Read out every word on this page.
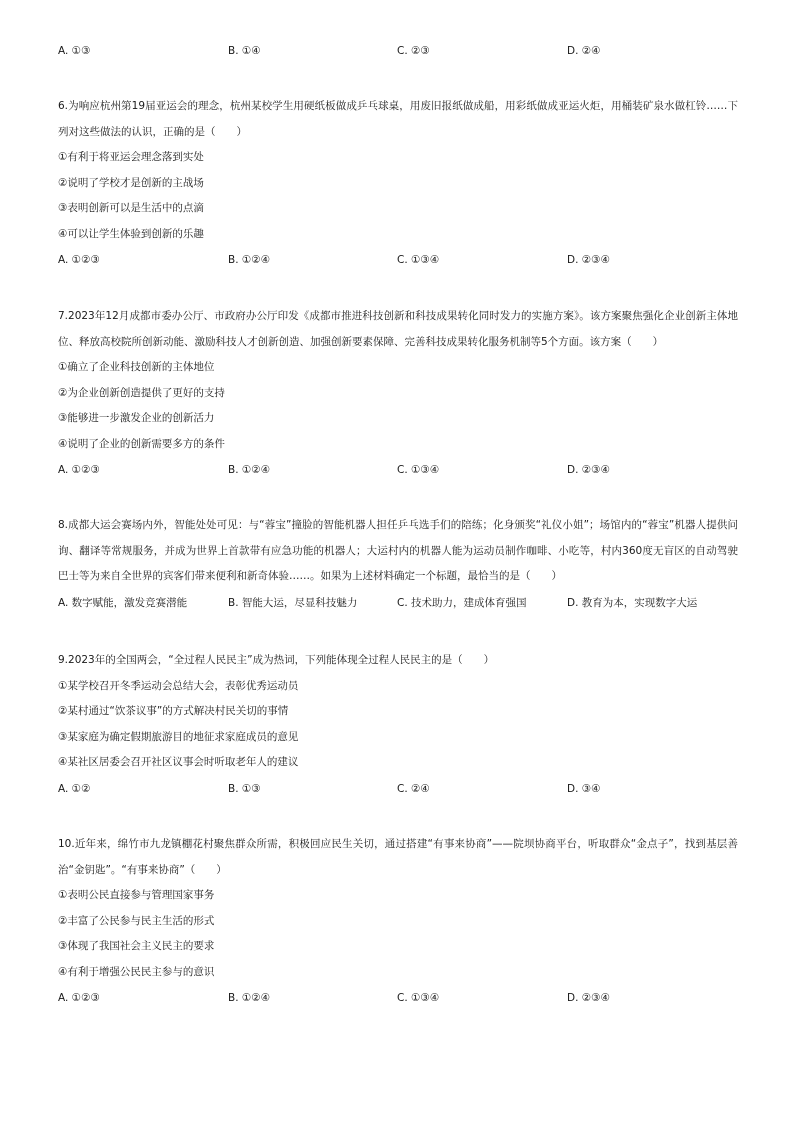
A. ①③	B. ①④	C. ②③	D. ②④
6.为响应杭州第19届亚运会的理念，杭州某校学生用硬纸板做成乒乓球桌，用废旧报纸做成船，用彩纸做成亚运火炬，用桶装矿泉水做杠铃……下列对这些做法的认识，正确的是（　　）
①有利于将亚运会理念落到实处
②说明了学校才是创新的主战场
③表明创新可以是生活中的点滴
④可以让学生体验到创新的乐趣
A. ①②③	B. ①②④	C. ①③④	D. ②③④
7.2023年12月成都市委办公厅、市政府办公厅印发《成都市推进科技创新和科技成果转化同时发力的实施方案》。该方案聚焦强化企业创新主体地位、释放高校院所创新动能、激励科技人才创新创造、加强创新要素保障、完善科技成果转化服务机制等5个方面。该方案（　　）
①确立了企业科技创新的主体地位
②为企业创新创造提供了更好的支持
③能够进一步激发企业的创新活力
④说明了企业的创新需要多方的条件
A. ①②③	B. ①②④	C. ①③④	D. ②③④
8.成都大运会赛场内外，智能处处可见：与“蓉宝”撞脸的智能机器人担任乒乓选手们的陪练；化身颁奖“礼仪小姐”；场馆内的“蓉宝”机器人提供问询、翻译等常规服务，并成为世界上首款带有应急功能的机器人；大运村内的机器人能为运动员制作咖啡、小吃等，村内360度无盲区的自动驾驶巴士等为来自全世界的宾客们带来便利和新奇体验……。如果为上述材料确定一个标题，最恰当的是（　　）
A. 数字赋能，激发竞赛潜能	B. 智能大运，尽显科技魅力	C. 技术助力，建成体育强国	D. 教育为本，实现数字大运
9.2023年的全国两会，“全过程人民民主”成为热词，下列能体现全过程人民民主的是（　　）
①某学校召开冬季运动会总结大会，表彰优秀运动员
②某村通过“饮茶议事”的方式解决村民关切的事情
③某家庭为确定假期旅游目的地征求家庭成员的意见
④某社区居委会召开社区议事会时听取老年人的建议
A. ①②	B. ①③	C. ②④	D. ③④
10.近年来，绵竹市九龙镇棚花村聚焦群众所需，积极回应民生关切，通过搭建“有事来协商”——院坝协商平台，听取群众“金点子”，找到基层善治“金钥匙”。“有事来协商”（　　）
①表明公民直接参与管理国家事务
②丰富了公民参与民主生活的形式
③体现了我国社会主义民主的要求
④有利于增强公民民主参与的意识
A. ①②③	B. ①②④	C. ①③④	D. ②③④
